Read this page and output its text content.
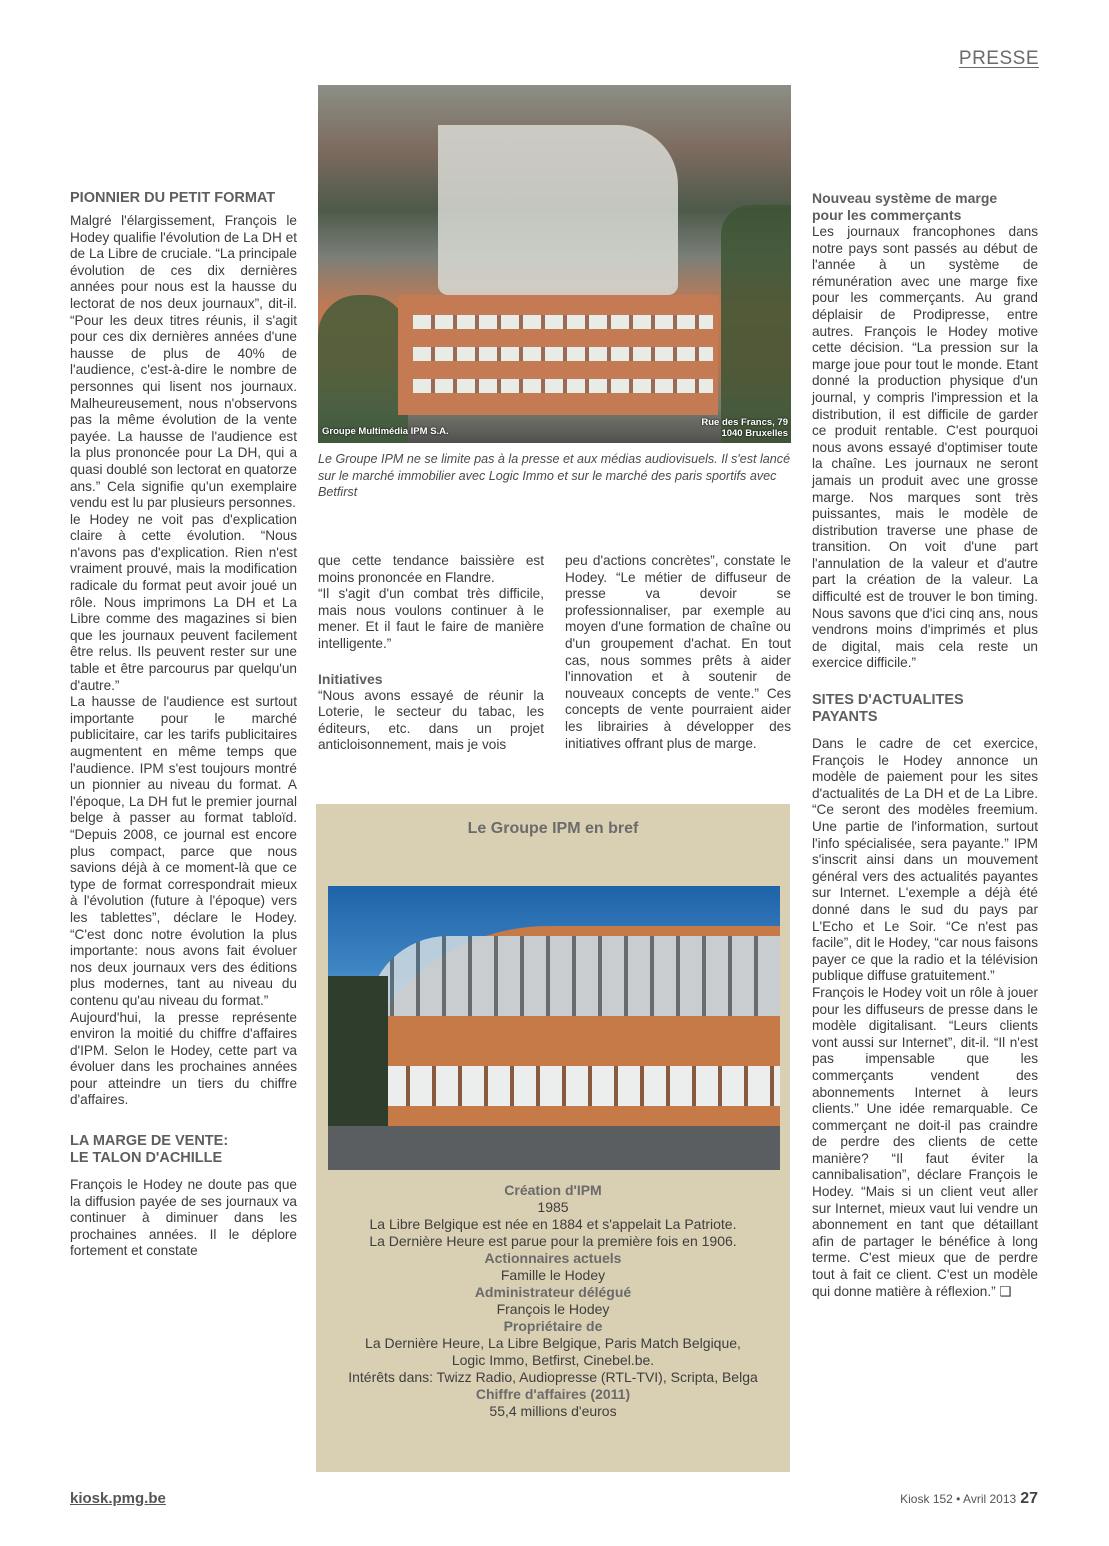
PRESSE
PIONNIER DU PETIT FORMAT

Malgré l'élargissement, François le Hodey qualifie l'évolution de La DH et de La Libre de cruciale. “La principale évolution de ces dix dernières années pour nous est la hausse du lectorat de nos deux journaux”, dit-il. “Pour les deux titres réunis, il s'agit pour ces dix dernières années d'une hausse de plus de 40% de l'audience, c'est-à-dire le nombre de personnes qui lisent nos journaux. Malheureusement, nous n'observons pas la même évolution de la vente payée. La hausse de l'audience est la plus prononcée pour La DH, qui a quasi doublé son lectorat en quatorze ans.” Cela signifie qu'un exemplaire vendu est lu par plusieurs personnes.

le Hodey ne voit pas d'explication claire à cette évolution. “Nous n'avons pas d'explication. Rien n'est vraiment prouvé, mais la modification radicale du format peut avoir joué un rôle. Nous imprimons La DH et La Libre comme des magazines si bien que les journaux peuvent facilement être relus. Ils peuvent rester sur une table et être parcourus par quelqu'un d'autre.”

La hausse de l'audience est surtout importante pour le marché publicitaire, car les tarifs publicitaires augmentent en même temps que l'audience. IPM s'est toujours montré un pionnier au niveau du format. A l'époque, La DH fut le premier journal belge à passer au format tabloïd. “Depuis 2008, ce journal est encore plus compact, parce que nous savions déjà à ce moment-là que ce type de format correspondrait mieux à l'évolution (future à l'époque) vers les tablettes”, déclare le Hodey. “C'est donc notre évolution la plus importante: nous avons fait évoluer nos deux journaux vers des éditions plus modernes, tant au niveau du contenu qu'au niveau du format.”

Aujourd'hui, la presse représente environ la moitié du chiffre d'affaires d'IPM. Selon le Hodey, cette part va évoluer dans les prochaines années pour atteindre un tiers du chiffre d'affaires.

LA MARGE DE VENTE:
LE TALON D'ACHILLE

François le Hodey ne doute pas que la diffusion payée de ses journaux va continuer à diminuer dans les prochaines années. Il le déplore fortement et constate

Groupe Multimédia IPM S.A.
Rue des Francs, 79
1040 Bruxelles
Le Groupe IPM ne se limite pas à la presse et aux médias audiovisuels. Il s'est lancé sur le marché immobilier avec Logic Immo et sur le marché des paris sportifs avec Betfirst

que cette tendance baissière est moins prononcée en Flandre.

“Il s'agit d'un combat très difficile, mais nous voulons continuer à le mener. Et il faut le faire de manière intelligente.”

Initiatives

“Nous avons essayé de réunir la Loterie, le secteur du tabac, les éditeurs, etc. dans un projet anticloisonnement, mais je vois

peu d'actions concrètes”, constate le Hodey. “Le métier de diffuseur de presse va devoir se professionnaliser, par exemple au moyen d'une formation de chaîne ou d'un groupement d'achat. En tout cas, nous sommes prêts à aider l'innovation et à soutenir de nouveaux concepts de vente.” Ces concepts de vente pourraient aider les librairies à développer des initiatives offrant plus de marge.

Le Groupe IPM en bref
Création d'IPM
1985
La Libre Belgique est née en 1884 et s'appelait La Patriote.
La Dernière Heure est parue pour la première fois en 1906.
Actionnaires actuels
Famille le Hodey
Administrateur délégué
François le Hodey
Propriétaire de
La Dernière Heure, La Libre Belgique, Paris Match Belgique,
Logic Immo, Betfirst, Cinebel.be.
Intérêts dans: Twizz Radio, Audiopresse (RTL-TVI), Scripta, Belga
Chiffre d'affaires (2011)
55,4 millions d'euros
Nouveau système de marge
pour les commerçants

Les journaux francophones dans notre pays sont passés au début de l'année à un système de rémunération avec une marge fixe pour les commerçants. Au grand déplaisir de Prodipresse, entre autres. François le Hodey motive cette décision. “La pression sur la marge joue pour tout le monde. Etant donné la production physique d'un journal, y compris l'impression et la distribution, il est difficile de garder ce produit rentable. C'est pourquoi nous avons essayé d'optimiser toute la chaîne. Les journaux ne seront jamais un produit avec une grosse marge. Nos marques sont très puissantes, mais le modèle de distribution traverse une phase de transition. On voit d'une part l'annulation de la valeur et d'autre part la création de la valeur. La difficulté est de trouver le bon timing. Nous savons que d'ici cinq ans, nous vendrons moins d'imprimés et plus de digital, mais cela reste un exercice difficile.”

SITES D'ACTUALITES
PAYANTS

Dans le cadre de cet exercice, François le Hodey annonce un modèle de paiement pour les sites d'actualités de La DH et de La Libre. “Ce seront des modèles freemium. Une partie de l'information, surtout l'info spécialisée, sera payante.” IPM s'inscrit ainsi dans un mouvement général vers des actualités payantes sur Internet. L'exemple a déjà été donné dans le sud du pays par L'Echo et Le Soir. “Ce n'est pas facile”, dit le Hodey, “car nous faisons payer ce que la radio et la télévision publique diffuse gratuitement.”

François le Hodey voit un rôle à jouer pour les diffuseurs de presse dans le modèle digitalisant. “Leurs clients vont aussi sur Internet”, dit-il. “Il n'est pas impensable que les commerçants vendent des abonnements Internet à leurs clients.” Une idée remarquable. Ce commerçant ne doit-il pas craindre de perdre des clients de cette manière? “Il faut éviter la cannibalisation”, déclare François le Hodey. “Mais si un client veut aller sur Internet, mieux vaut lui vendre un abonnement en tant que détaillant afin de partager le bénéfice à long terme. C'est mieux que de perdre tout à fait ce client. C'est un modèle qui donne matière à réflexion.” ❑

kiosk.pmg.be	Kiosk 152 • Avril 2013 27
